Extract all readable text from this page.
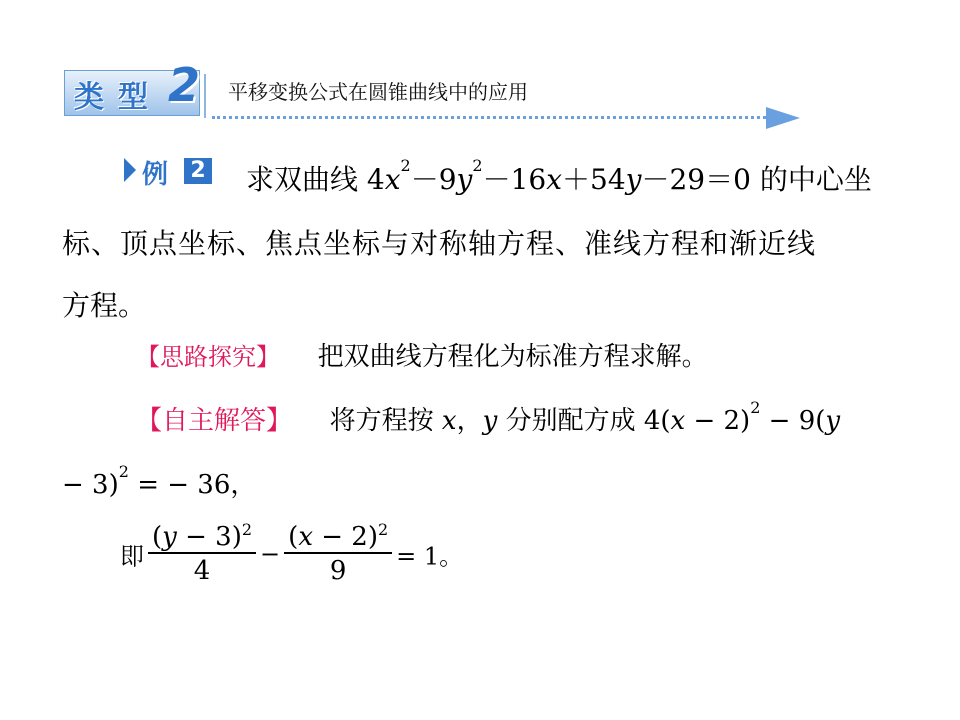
类型 2 平移变换公式在圆锥曲线中的应用
例 2 求双曲线 $4x^2-9y^2-16x+54y-29=0$ 的中心坐
标、顶点坐标、焦点坐标与对称轴方程、准线方程和渐近线
方程。
【思路探究】 把双曲线方程化为标准方程求解。
【自主解答】 将方程按 x，y 分别配方成 $4(x - 2)^2 - 9(y$
− 3)$^2$ = − 36，
即 $\frac{(y - 3)^2}{4} - \frac{(x - 2)^2}{9} = 1$。
